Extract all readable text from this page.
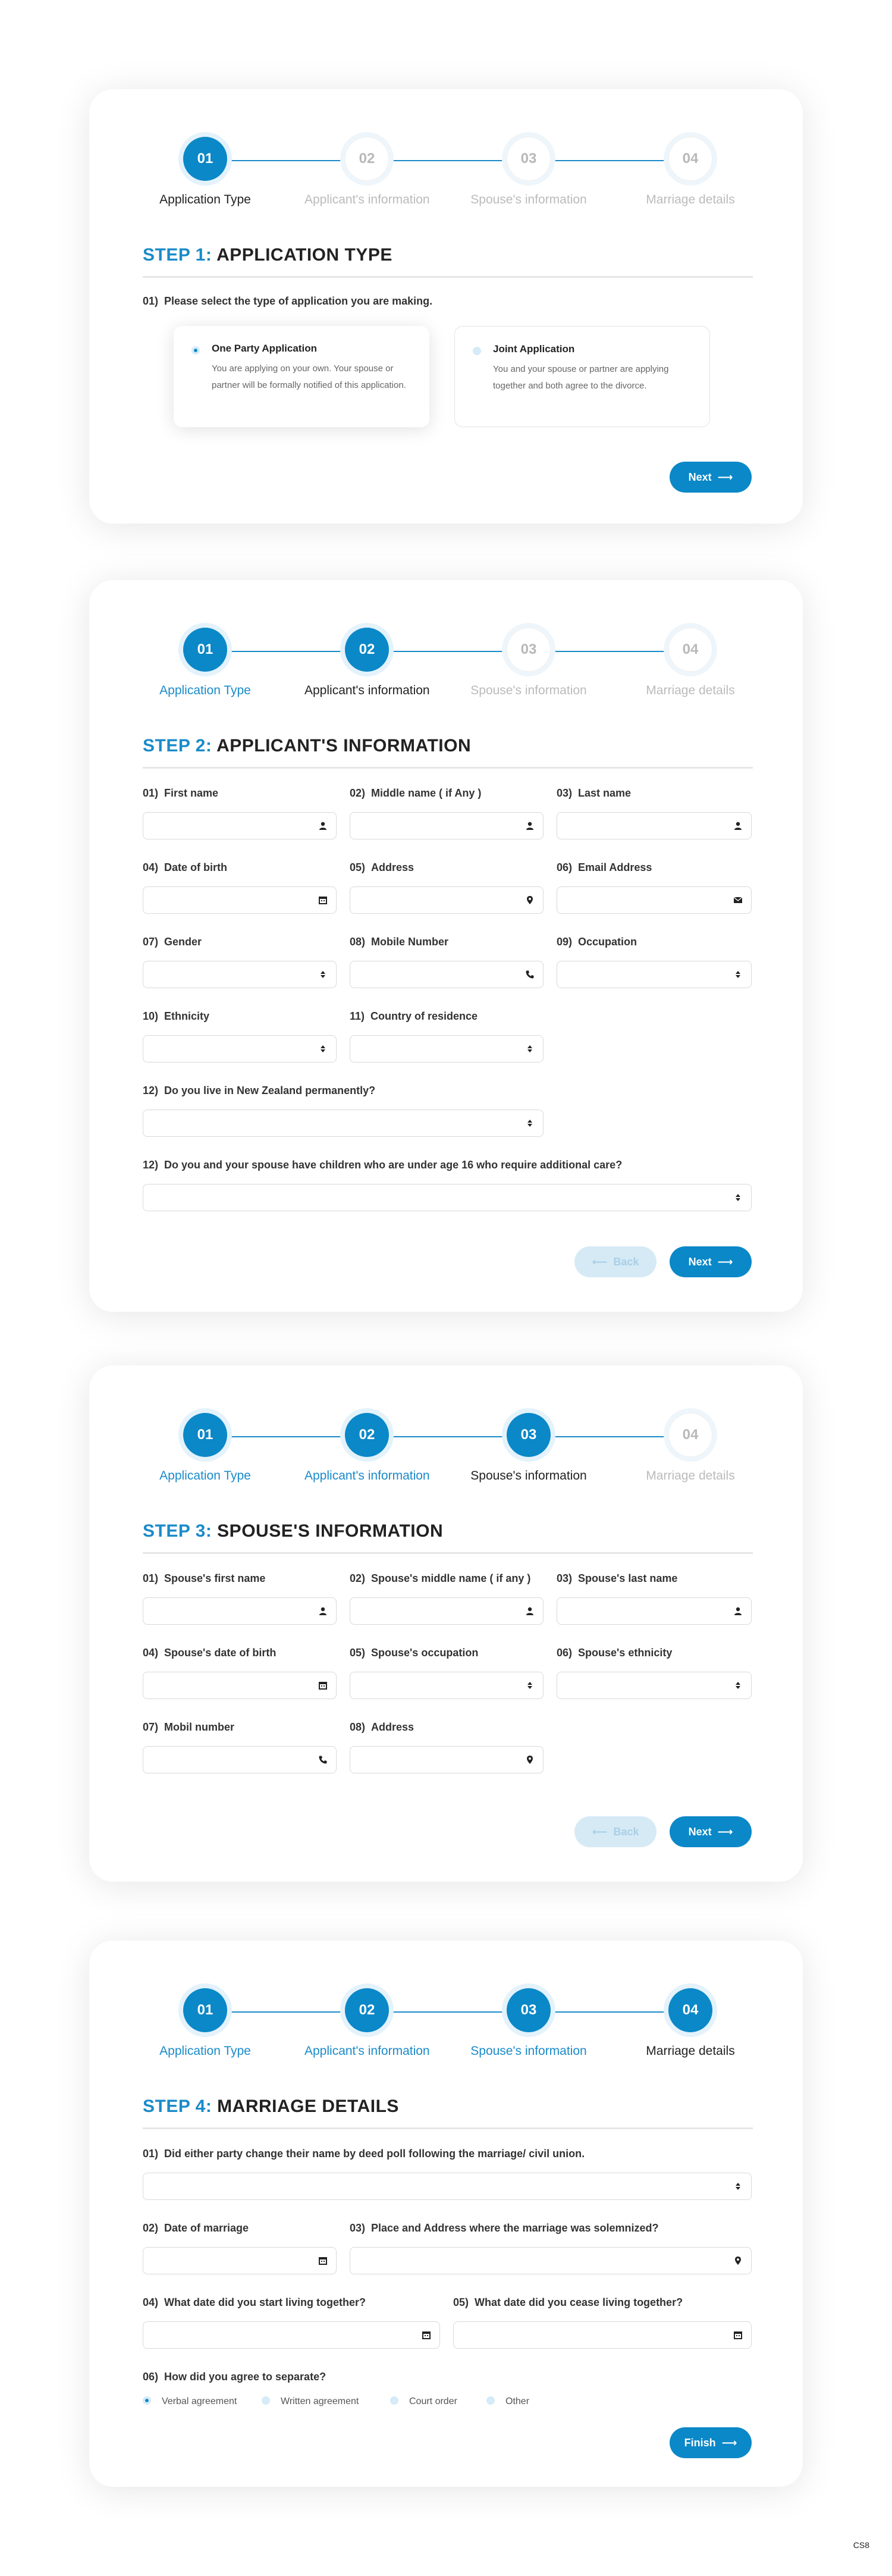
01
Application Type
02
Applicant's information
03
Spouse's information
04
Marriage details
STEP 1: APPLICATION TYPE
01) Please select the type of application you are making.
One Party Application
You are applying on your own. Your spouse or partner will be formally notified of this application.
Joint Application
You and your spouse or partner are applying together and both agree to the divorce.
Next ⟶
01
Application Type
02
Applicant's information
03
Spouse's information
04
Marriage details
STEP 2: APPLICANT'S INFORMATION
01) First name	02) Middle name ( if Any )	03) Last name
04) Date of birth	05) Address	06) Email Address
07) Gender	08) Mobile Number	09) Occupation
10) Ethnicity	11) Country of residence
12) Do you live in New Zealand permanently?
12) Do you and your spouse have children who are under age 16 who require additional care?
⟵ Back	Next ⟶
01
Application Type
02
Applicant's information
03
Spouse's information
04
Marriage details
STEP 3: SPOUSE'S INFORMATION
01) Spouse's first name	02) Spouse's middle name ( if any ) 03) Spouse's last name
04) Spouse's date of birth	05) Spouse's occupation	06) Spouse's ethnicity
07) Mobil number	08) Address
⟵ Back	Next ⟶
01
Application Type
02
Applicant's information
03
Spouse's information
04
Marriage details
STEP 4: MARRIAGE DETAILS
01) Did either party change their name by deed poll following the marriage/ civil union.
02) Date of marriage	03) Place and Address where the marriage was solemnized?
04) What date did you start living together?	05) What date did you cease living together?
06) How did you agree to separate?
Verbal agreement	Written agreement	Court order	Other
Finish ⟶
CS8
